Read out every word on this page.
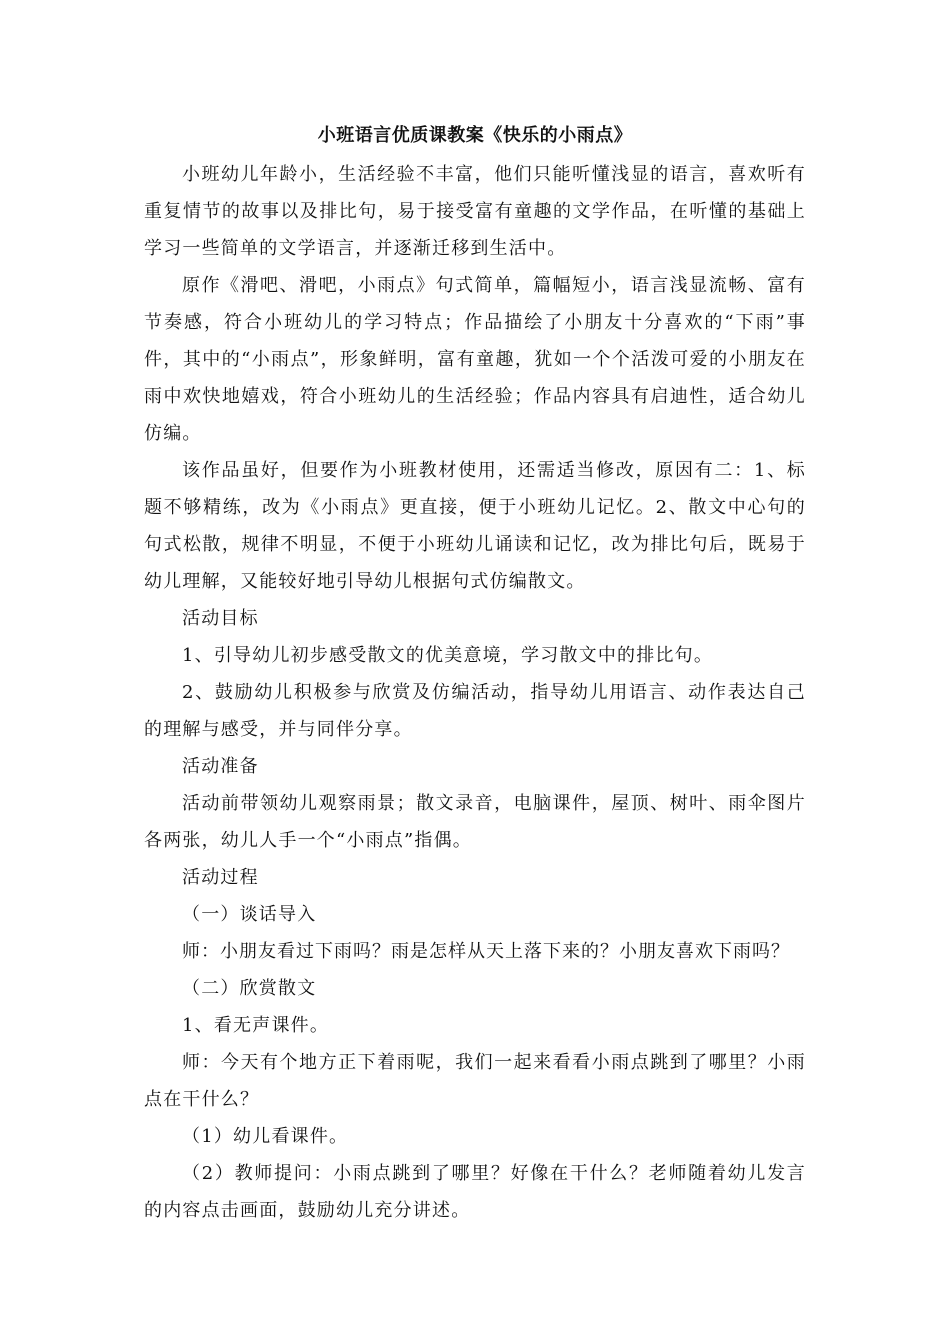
小班语言优质课教案《快乐的小雨点》

小班幼儿年龄小，生活经验不丰富，他们只能听懂浅显的语言，喜欢听有重复情节的故事以及排比句，易于接受富有童趣的文学作品，在听懂的基础上学习一些简单的文学语言，并逐渐迁移到生活中。

原作《滑吧、滑吧，小雨点》句式简单，篇幅短小，语言浅显流畅、富有节奏感，符合小班幼儿的学习特点；作品描绘了小朋友十分喜欢的“下雨”事件，其中的“小雨点”，形象鲜明，富有童趣，犹如一个个活泼可爱的小朋友在雨中欢快地嬉戏，符合小班幼儿的生活经验；作品内容具有启迪性，适合幼儿仿编。

该作品虽好，但要作为小班教材使用，还需适当修改，原因有二：1、标题不够精练，改为《小雨点》更直接，便于小班幼儿记忆。2、散文中心句的句式松散，规律不明显，不便于小班幼儿诵读和记忆，改为排比句后，既易于幼儿理解，又能较好地引导幼儿根据句式仿编散文。

活动目标

1、引导幼儿初步感受散文的优美意境，学习散文中的排比句。

2、鼓励幼儿积极参与欣赏及仿编活动，指导幼儿用语言、动作表达自己的理解与感受，并与同伴分享。

活动准备

活动前带领幼儿观察雨景；散文录音，电脑课件，屋顶、树叶、雨伞图片各两张，幼儿人手一个“小雨点”指偶。

活动过程

（一）谈话导入

师：小朋友看过下雨吗？雨是怎样从天上落下来的？小朋友喜欢下雨吗？

（二）欣赏散文

1、看无声课件。

师：今天有个地方正下着雨呢，我们一起来看看小雨点跳到了哪里？小雨点在干什么？

（1）幼儿看课件。

（2）教师提问：小雨点跳到了哪里？好像在干什么？老师随着幼儿发言的内容点击画面，鼓励幼儿充分讲述。
